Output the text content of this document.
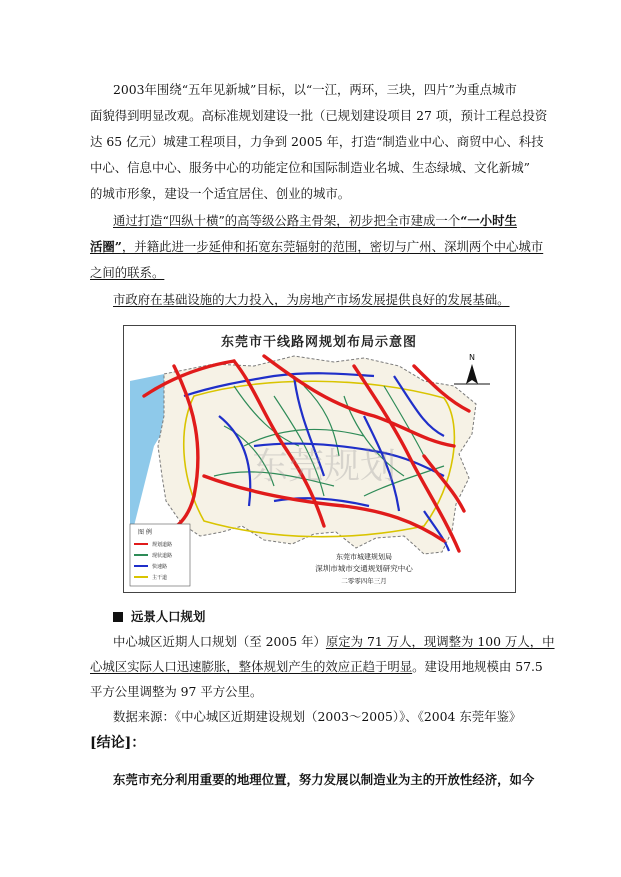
2003年围绕“五年见新城”目标，以“一江，两环，三块，四片”为重点城市
面貌得到明显改观。高标准规划建设一批（已规划建设项目 27 项，预计工程总投资
达 65 亿元）城建工程项目，力争到 2005 年，打造“制造业中心、商贸中心、科技
中心、信息中心、服务中心的功能定位和国际制造业名城、生态绿城、文化新城”
的城市形象，建设一个适宜居住、创业的城市。
通过打造“四纵十横”的高等级公路主骨架，初步把全市建成一个“一小时生
活圈”，并籍此进一步延伸和拓宽东莞辐射的范围，密切与广州、深圳两个中心城市
之间的联系。
市政府在基础设施的大力投入，为房地产市场发展提供良好的发展基础。
东莞市干线路网规划布局示意图
东莞规划
N
图 例
规划道路
现状道路
快速路
主干道
东莞市城建规划局
深圳市城市交通规划研究中心
二零零四年三月
远景人口规划
中心城区近期人口规划（至 2005 年）原定为 71 万人，现调整为 100 万人，中
心城区实际人口迅速膨胀，整体规划产生的效应正趋于明显。建设用地规模由 57.5
平方公里调整为 97 平方公里。
数据来源：《中心城区近期建设规划（2003～2005）》、《2004 东莞年鉴》
[结论]：
东莞市充分利用重要的地理位置，努力发展以制造业为主的开放性经济，如今
